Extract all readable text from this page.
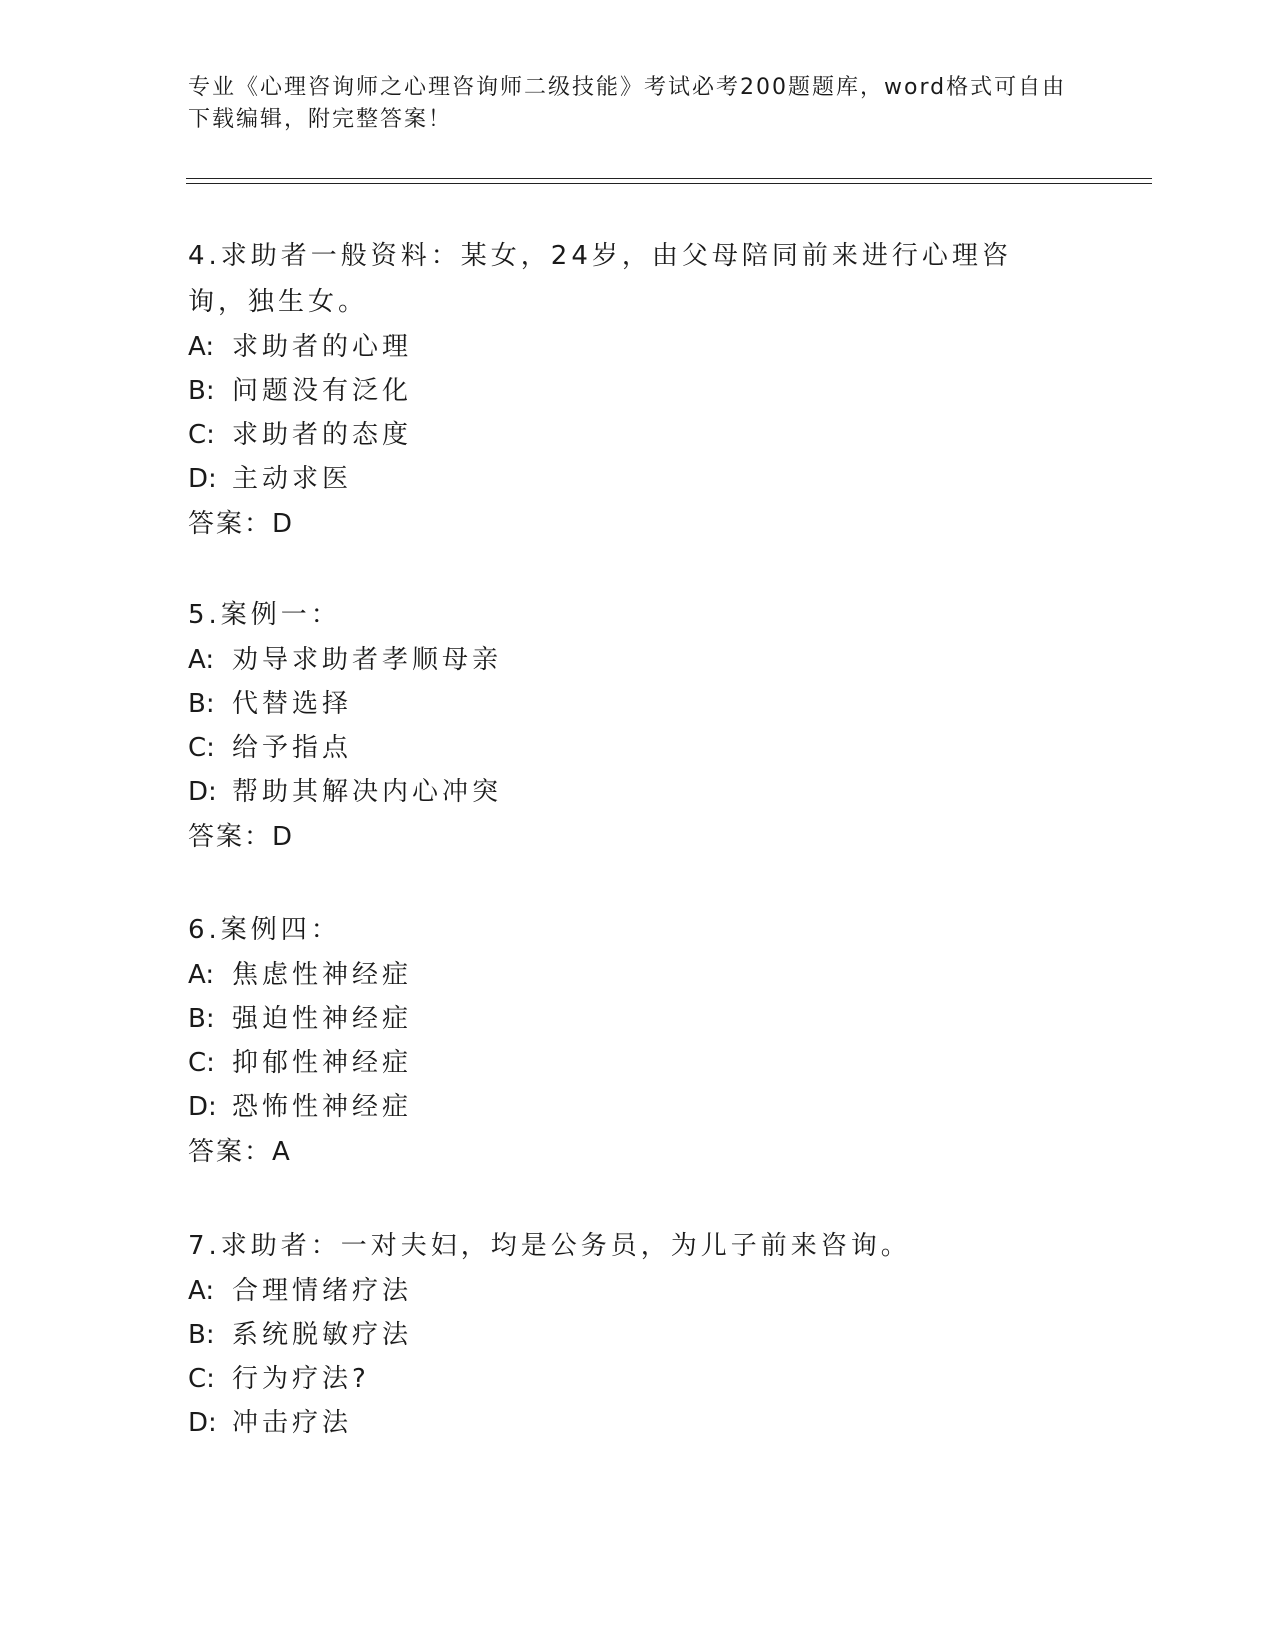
专业《心理咨询师之心理咨询师二级技能》考试必考200题题库，word格式可自由下载编辑，附完整答案！
4.求助者一般资料：某女，24岁，由父母陪同前来进行心理咨询，独生女。
A: 求助者的心理
B: 问题没有泛化
C: 求助者的态度
D: 主动求医
答案：D
5.案例一：
A: 劝导求助者孝顺母亲
B: 代替选择
C: 给予指点
D: 帮助其解决内心冲突
答案：D
6.案例四：
A: 焦虑性神经症
B: 强迫性神经症
C: 抑郁性神经症
D: 恐怖性神经症
答案：A
7.求助者：一对夫妇，均是公务员，为儿子前来咨询。
A: 合理情绪疗法
B: 系统脱敏疗法
C: 行为疗法?
D: 冲击疗法
